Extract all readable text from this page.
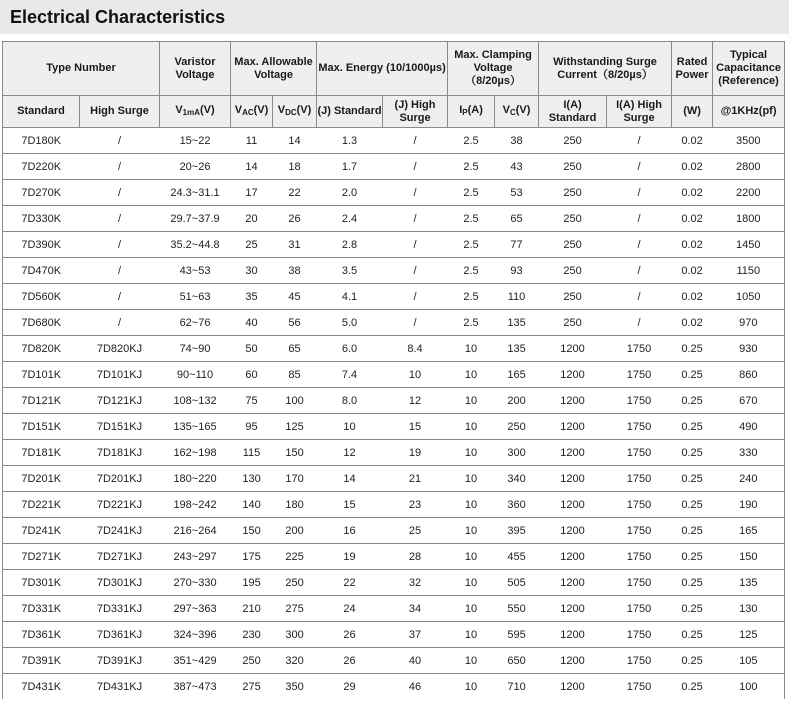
Electrical Characteristics
Type Number		Varistor Voltage	Max. Allowable Voltage		Max. Energy (10/1000µs)		Max. Clamping Voltage （8/20µs）		Withstanding Surge Current（8/20µs）		Rated Power	Typical Capacitance (Reference)
Standard	High Surge	$V_{1mA}(V)$	$V_{AC}(V)$	$V_{DC}(V)$	(J) Standard	(J) High Surge	$I_P(A)$	$V_C(V)$	I(A) Standard	I(A) High Surge	(W)	@1KHz(pf)
7D180K	/	15~22	11	14	1.3	/	2.5	38	250	/	0.02	3500
7D220K	/	20~26	14	18	1.7	/	2.5	43	250	/	0.02	2800
7D270K	/	24.3~31.1	17	22	2.0	/	2.5	53	250	/	0.02	2200
7D330K	/	29.7~37.9	20	26	2.4	/	2.5	65	250	/	0.02	1800
7D390K	/	35.2~44.8	25	31	2.8	/	2.5	77	250	/	0.02	1450
7D470K	/	43~53	30	38	3.5	/	2.5	93	250	/	0.02	1150
7D560K	/	51~63	35	45	4.1	/	2.5	110	250	/	0.02	1050
7D680K	/	62~76	40	56	5.0	/	2.5	135	250	/	0.02	970
7D820K	7D820KJ	74~90	50	65	6.0	8.4	10	135	1200	1750	0.25	930
7D101K	7D101KJ	90~110	60	85	7.4	10	10	165	1200	1750	0.25	860
7D121K	7D121KJ	108~132	75	100	8.0	12	10	200	1200	1750	0.25	670
7D151K	7D151KJ	135~165	95	125	10	15	10	250	1200	1750	0.25	490
7D181K	7D181KJ	162~198	115	150	12	19	10	300	1200	1750	0.25	330
7D201K	7D201KJ	180~220	130	170	14	21	10	340	1200	1750	0.25	240
7D221K	7D221KJ	198~242	140	180	15	23	10	360	1200	1750	0.25	190
7D241K	7D241KJ	216~264	150	200	16	25	10	395	1200	1750	0.25	165
7D271K	7D271KJ	243~297	175	225	19	28	10	455	1200	1750	0.25	150
7D301K	7D301KJ	270~330	195	250	22	32	10	505	1200	1750	0.25	135
7D331K	7D331KJ	297~363	210	275	24	34	10	550	1200	1750	0.25	130
7D361K	7D361KJ	324~396	230	300	26	37	10	595	1200	1750	0.25	125
7D391K	7D391KJ	351~429	250	320	26	40	10	650	1200	1750	0.25	105
7D431K	7D431KJ	387~473	275	350	29	46	10	710	1200	1750	0.25	100
